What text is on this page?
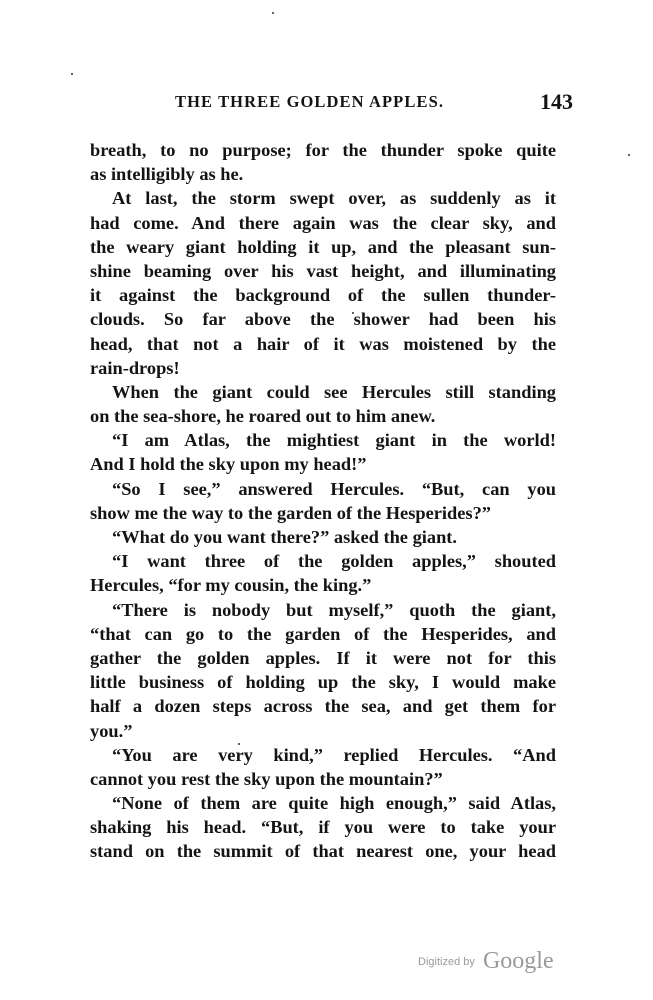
THE THREE GOLDEN APPLES.	143
breath, to no purpose; for the thunder spoke quite
as intelligibly as he.
At last, the storm swept over, as suddenly as it
had come. And there again was the clear sky, and
the weary giant holding it up, and the pleasant sun-
shine beaming over his vast height, and illuminating
it against the background of the sullen thunder-
clouds. So far above the shower had been his
head, that not a hair of it was moistened by the
rain-drops!
When the giant could see Hercules still standing
on the sea-shore, he roared out to him anew.
“I am Atlas, the mightiest giant in the world!
And I hold the sky upon my head!”
“So I see,” answered Hercules. “But, can you
show me the way to the garden of the Hesperides?”
“What do you want there?” asked the giant.
“I want three of the golden apples,” shouted
Hercules, “for my cousin, the king.”
“There is nobody but myself,” quoth the giant,
“that can go to the garden of the Hesperides, and
gather the golden apples. If it were not for this
little business of holding up the sky, I would make
half a dozen steps across the sea, and get them for
you.”
“You are very kind,” replied Hercules. “And
cannot you rest the sky upon the mountain?”
“None of them are quite high enough,” said Atlas,
shaking his head. “But, if you were to take your
stand on the summit of that nearest one, your head
Digitized by Google
